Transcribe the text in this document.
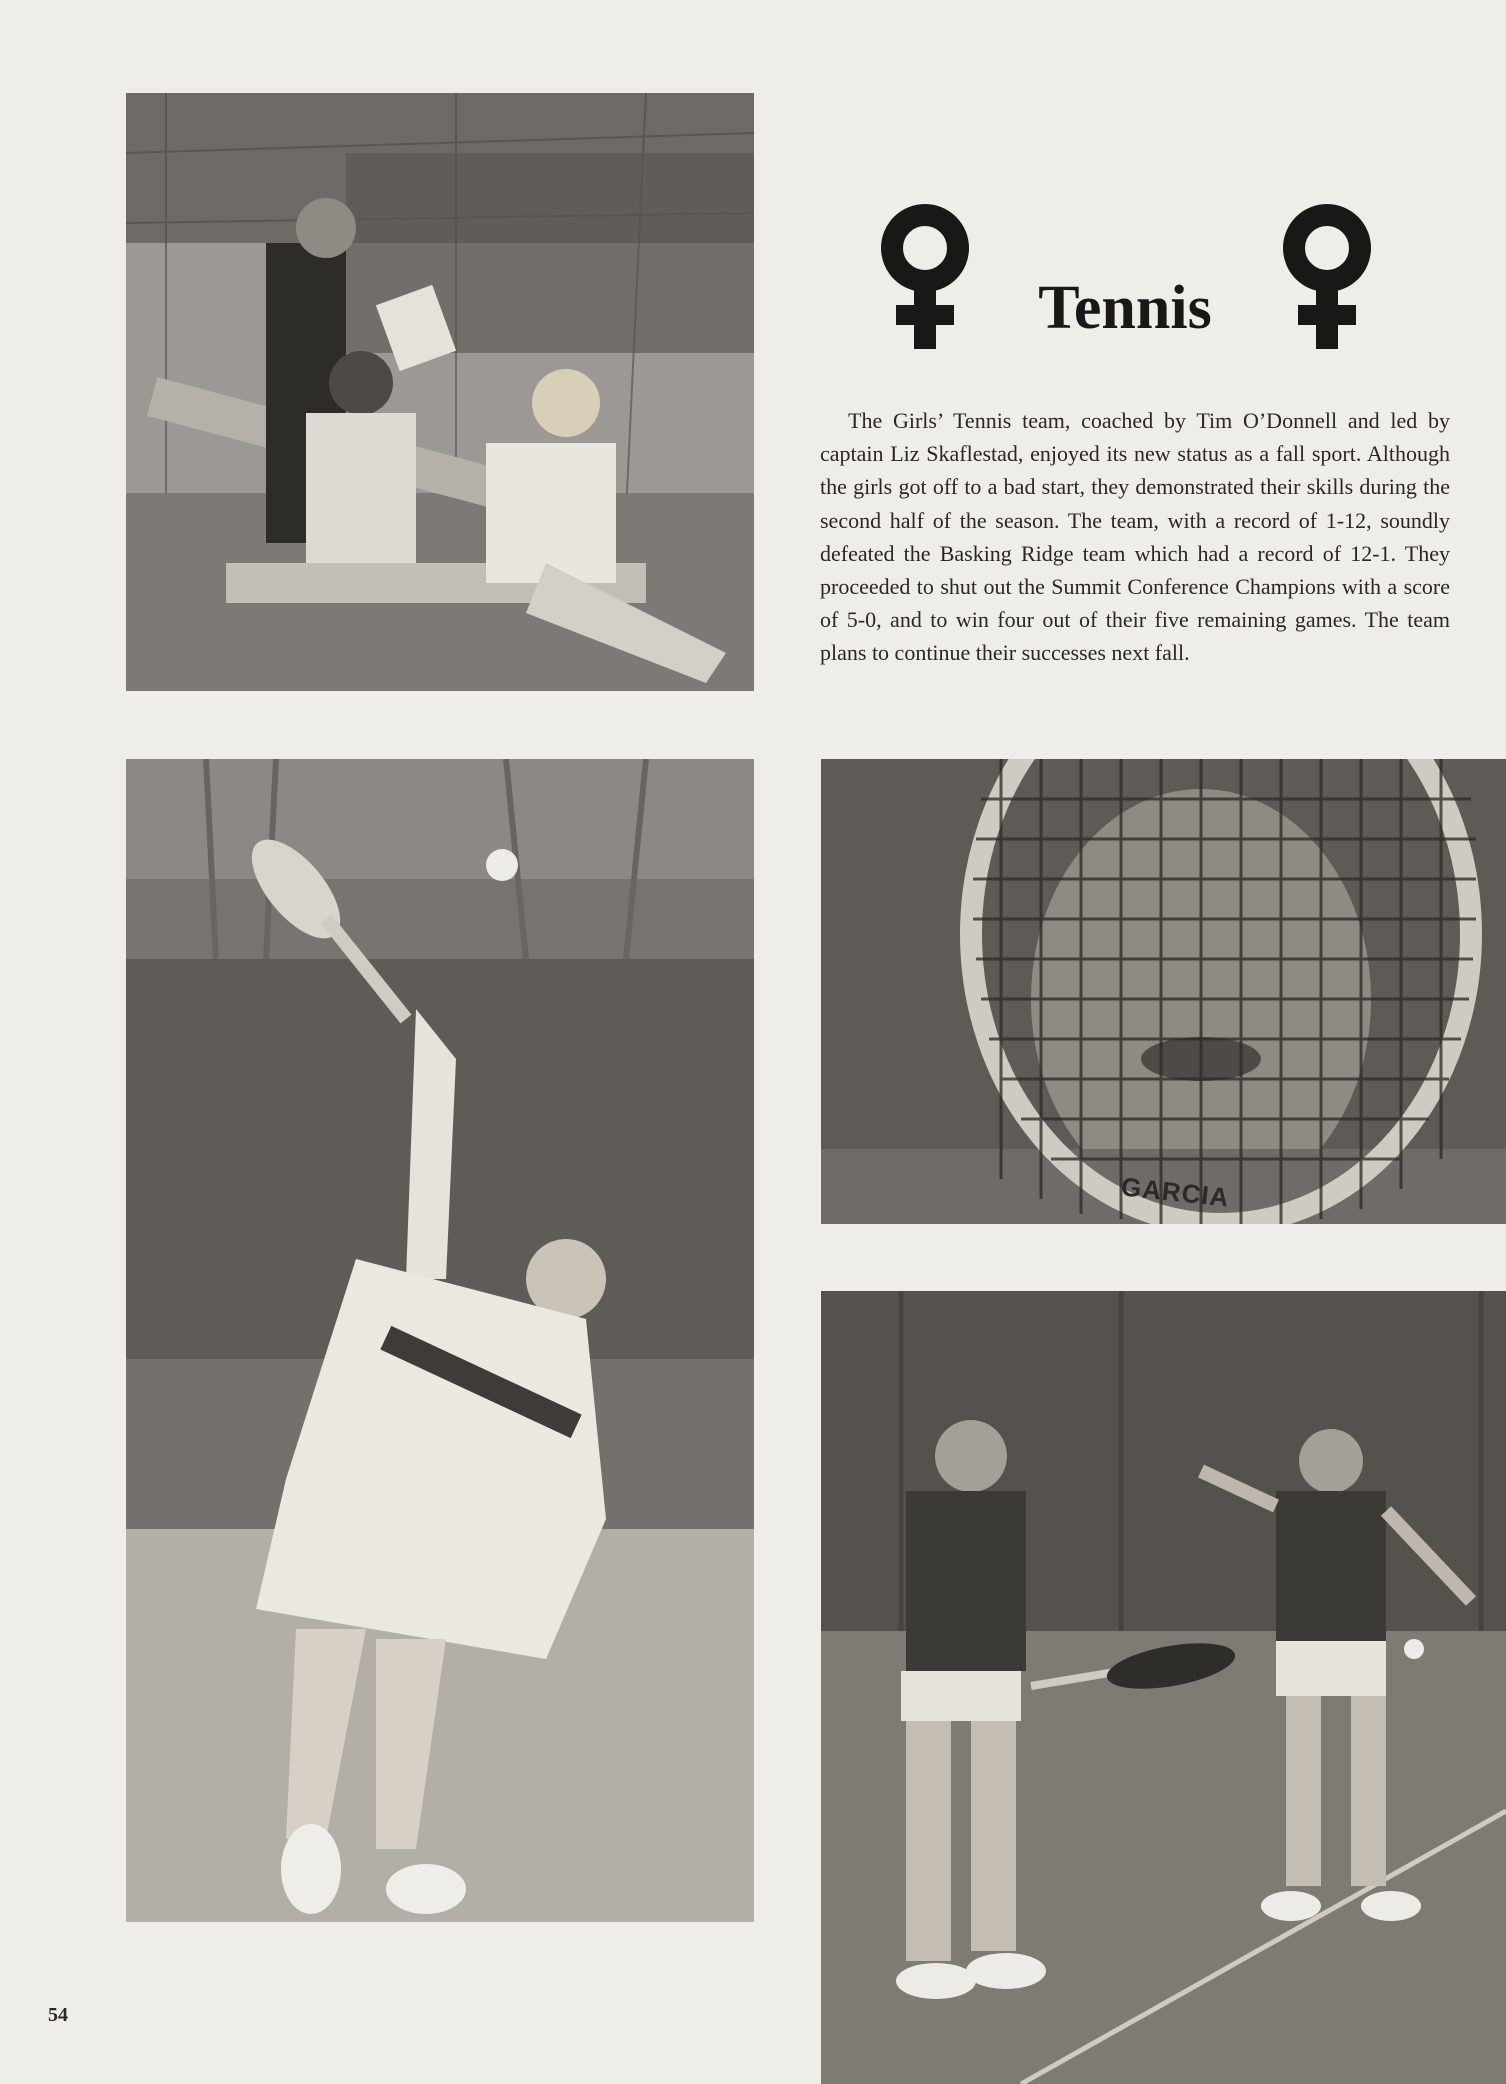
Tennis

The Girls’ Tennis team, coached by Tim O’Donnell and led by captain Liz Skaflestad, enjoyed its new status as a fall sport. Although the girls got off to a bad start, they demonstrated their skills during the second half of the season. The team, with a record of 1-12, soundly defeated the Basking Ridge team which had a record of 12-1. They proceeded to shut out the Summit Conference Champions with a score of 5-0, and to win four out of their five remaining games. The team plans to continue their successes next fall.

GARCIA
54
